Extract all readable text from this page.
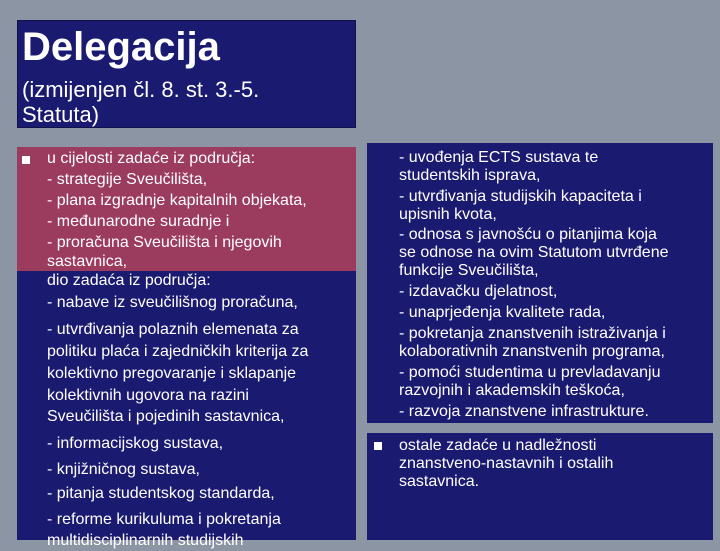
Delegacija
(izmijenjen čl. 8. st. 3.-5.
Statuta)
u cijelosti zadaće iz područja:
- strategije Sveučilišta,
- plana izgradnje kapitalnih objekata,
- međunarodne suradnje i
- proračuna Sveučilišta i njegovih
sastavnica,
dio zadaća iz područja:
- nabave iz sveučilišnog proračuna,
- utvrđivanja polaznih elemenata za
politiku plaća i zajedničkih kriterija za
kolektivno pregovaranje i sklapanje
kolektivnih ugovora na razini
Sveučilišta i pojedinih sastavnica,
- informacijskog sustava,
- knjižničnog sustava,
- pitanja studentskog standarda,
- reforme kurikuluma i pokretanja
multidisciplinarnih studijskih
- uvođenja ECTS sustava te
studentskih isprava,
- utvrđivanja studijskih kapaciteta i
upisnih kvota,
- odnosa s javnošću o pitanjima koja
se odnose na ovim Statutom utvrđene
funkcije Sveučilišta,
- izdavačku djelatnost,
- unaprjeđenja kvalitete rada,
- pokretanja znanstvenih istraživanja i
kolaborativnih znanstvenih programa,
- pomoći studentima u prevladavanju
razvojnih i akademskih teškoća,
- razvoja znanstvene infrastrukture.
ostale zadaće u nadležnosti
znanstveno-nastavnih i ostalih
sastavnica.
